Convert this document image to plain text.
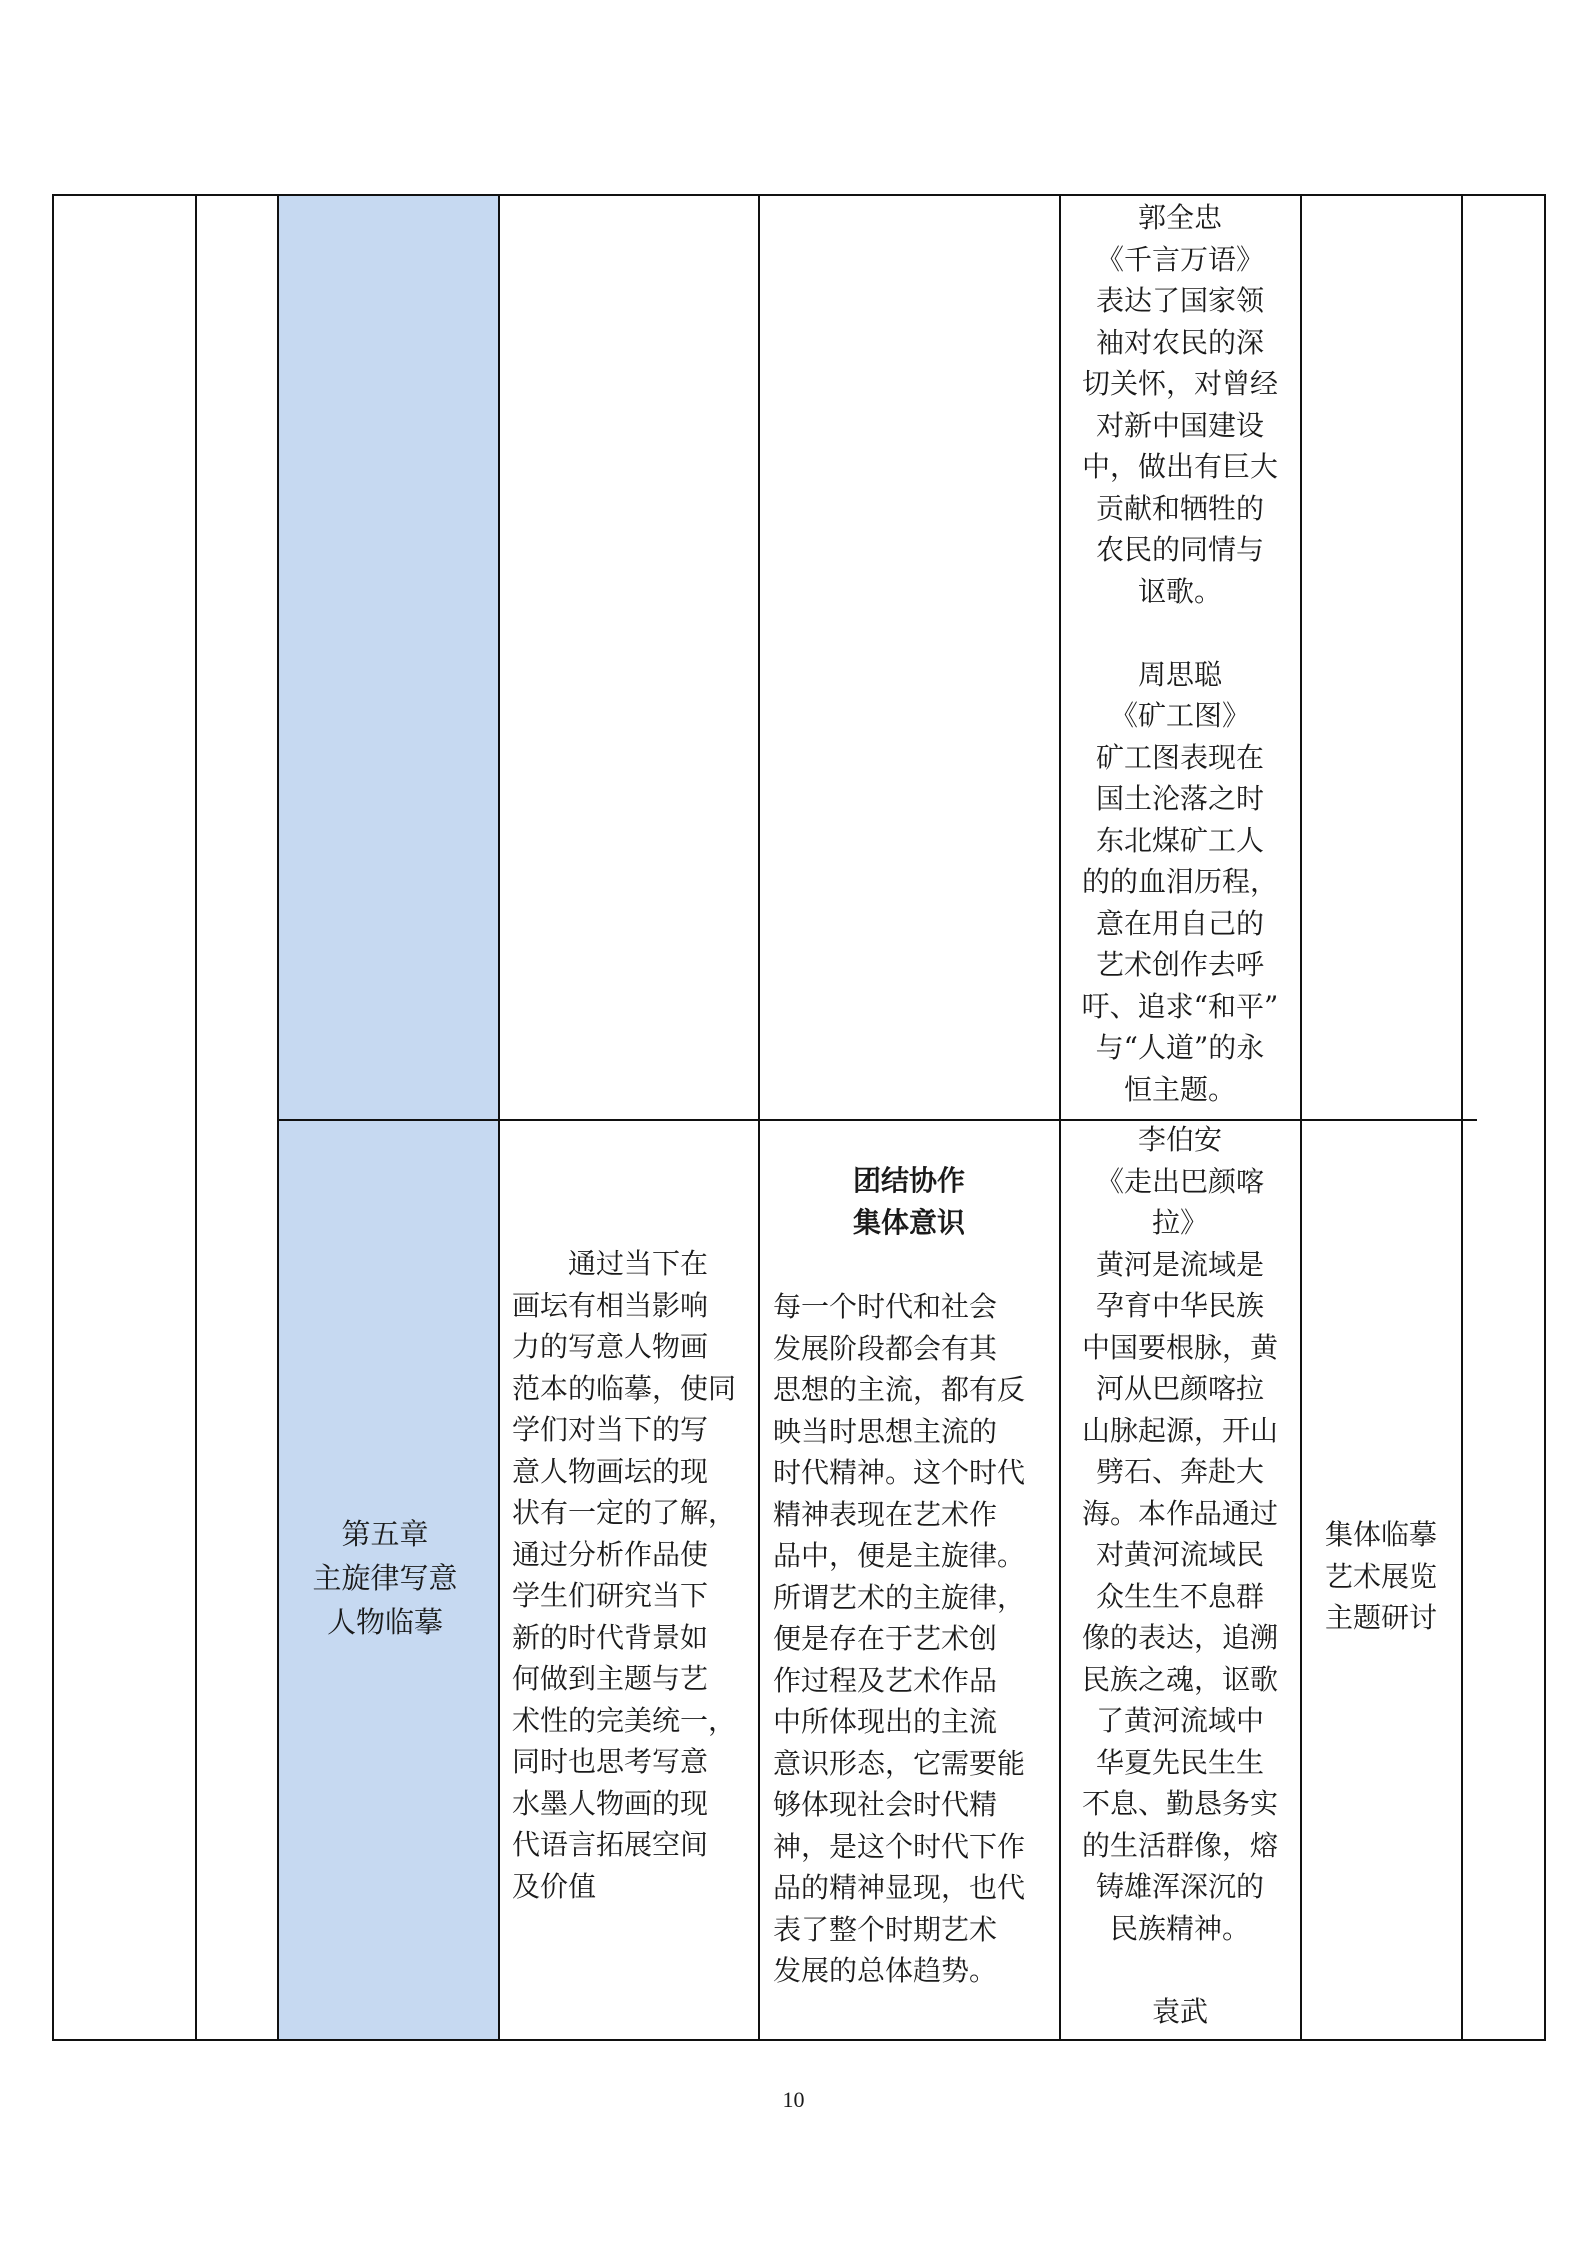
郭全忠
《千言万语》
表达了国家领
袖对农民的深
切关怀，对曾经
对新中国建设
中，做出有巨大
贡献和牺牲的
农民的同情与
讴歌。
周思聪
《矿工图》
矿工图表现在
国土沦落之时
东北煤矿工人
的的血泪历程，
意在用自己的
艺术创作去呼
吁、追求“和平”
与“人道”的永
恒主题。
第五章
主旋律写意
人物临摹
通过当下在
画坛有相当影响
力的写意人物画
范本的临摹，使同
学们对当下的写
意人物画坛的现
状有一定的了解，
通过分析作品使
学生们研究当下
新的时代背景如
何做到主题与艺
术性的完美统一，
同时也思考写意
水墨人物画的现
代语言拓展空间
及价值
团结协作
集体意识
每一个时代和社会
发展阶段都会有其
思想的主流，都有反
映当时思想主流的
时代精神。这个时代
精神表现在艺术作
品中，便是主旋律。
所谓艺术的主旋律，
便是存在于艺术创
作过程及艺术作品
中所体现出的主流
意识形态，它需要能
够体现社会时代精
神，是这个时代下作
品的精神显现，也代
表了整个时期艺术
发展的总体趋势。
李伯安
《走出巴颜喀
拉》
黄河是流域是
孕育中华民族
中国要根脉，黄
河从巴颜喀拉
山脉起源，开山
劈石、奔赴大
海。本作品通过
对黄河流域民
众生生不息群
像的表达，追溯
民族之魂，讴歌
了黄河流域中
华夏先民生生
不息、勤恳务实
的生活群像，熔
铸雄浑深沉的
民族精神。
袁武
集体临摹
艺术展览
主题研讨
10
